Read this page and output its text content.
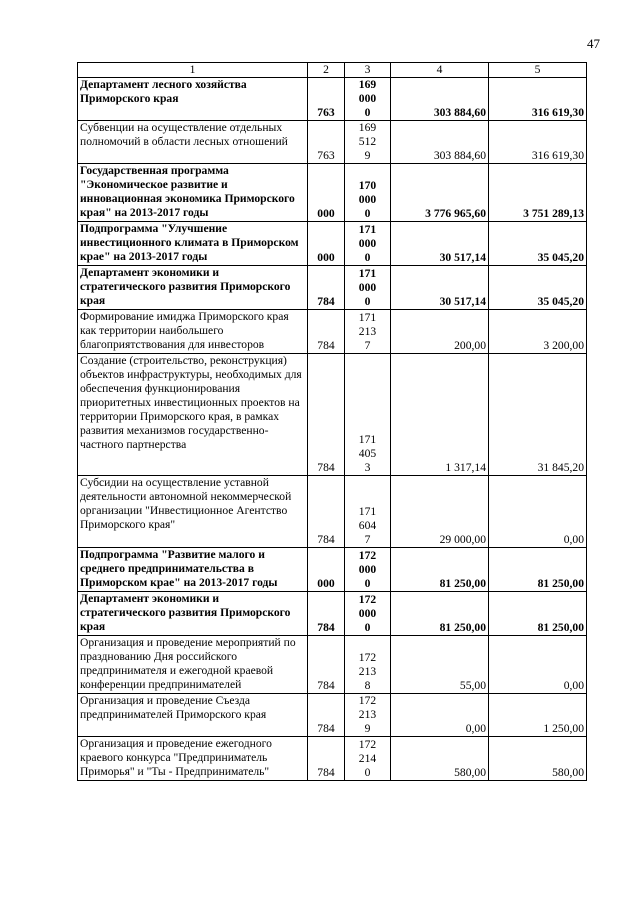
47
1	2	3	4	5
Департамент лесного хозяйства Приморского края	763	1690000	303 884,60	316 619,30
Субвенции на осуществление отдельных полномочий в области лесных отношений	763	1695129	303 884,60	316 619,30
Государственная программа "Экономическое развитие и инновационная экономика Приморского края" на 2013-2017 годы	000	1700000	3 776 965,60	3 751 289,13
Подпрограмма "Улучшение инвестиционного климата в Приморском крае" на 2013-2017 годы	000	1710000	30 517,14	35 045,20
Департамент экономики и стратегического развития Приморского края	784	1710000	30 517,14	35 045,20
Формирование имиджа Приморского края как территории наибольшего благоприятствования для инвесторов	784	1712137	200,00	3 200,00
Создание (строительство, реконструкция) объектов инфраструктуры, необходимых для обеспечения функционирования приоритетных инвестиционных проектов на территории Приморского края, в рамках развития механизмов государственно-частного партнерства	784	1714053	1 317,14	31 845,20
Субсидии на осуществление уставной деятельности автономной некоммерческой организации "Инвестиционное Агентство Приморского края"	784	1716047	29 000,00	0,00
Подпрограмма "Развитие малого и среднего предпринимательства в Приморском крае" на 2013-2017 годы	000	1720000	81 250,00	81 250,00
Департамент экономики и стратегического развития Приморского края	784	1720000	81 250,00	81 250,00
Организация и проведение мероприятий по празднованию Дня российского предпринимателя и ежегодной краевой конференции предпринимателей	784	1722138	55,00	0,00
Организация и проведение Съезда предпринимателей Приморского края	784	1722139	0,00	1 250,00
Организация и проведение ежегодного краевого конкурса "Предприниматель Приморья" и "Ты - Предприниматель"	784	1722140	580,00	580,00
